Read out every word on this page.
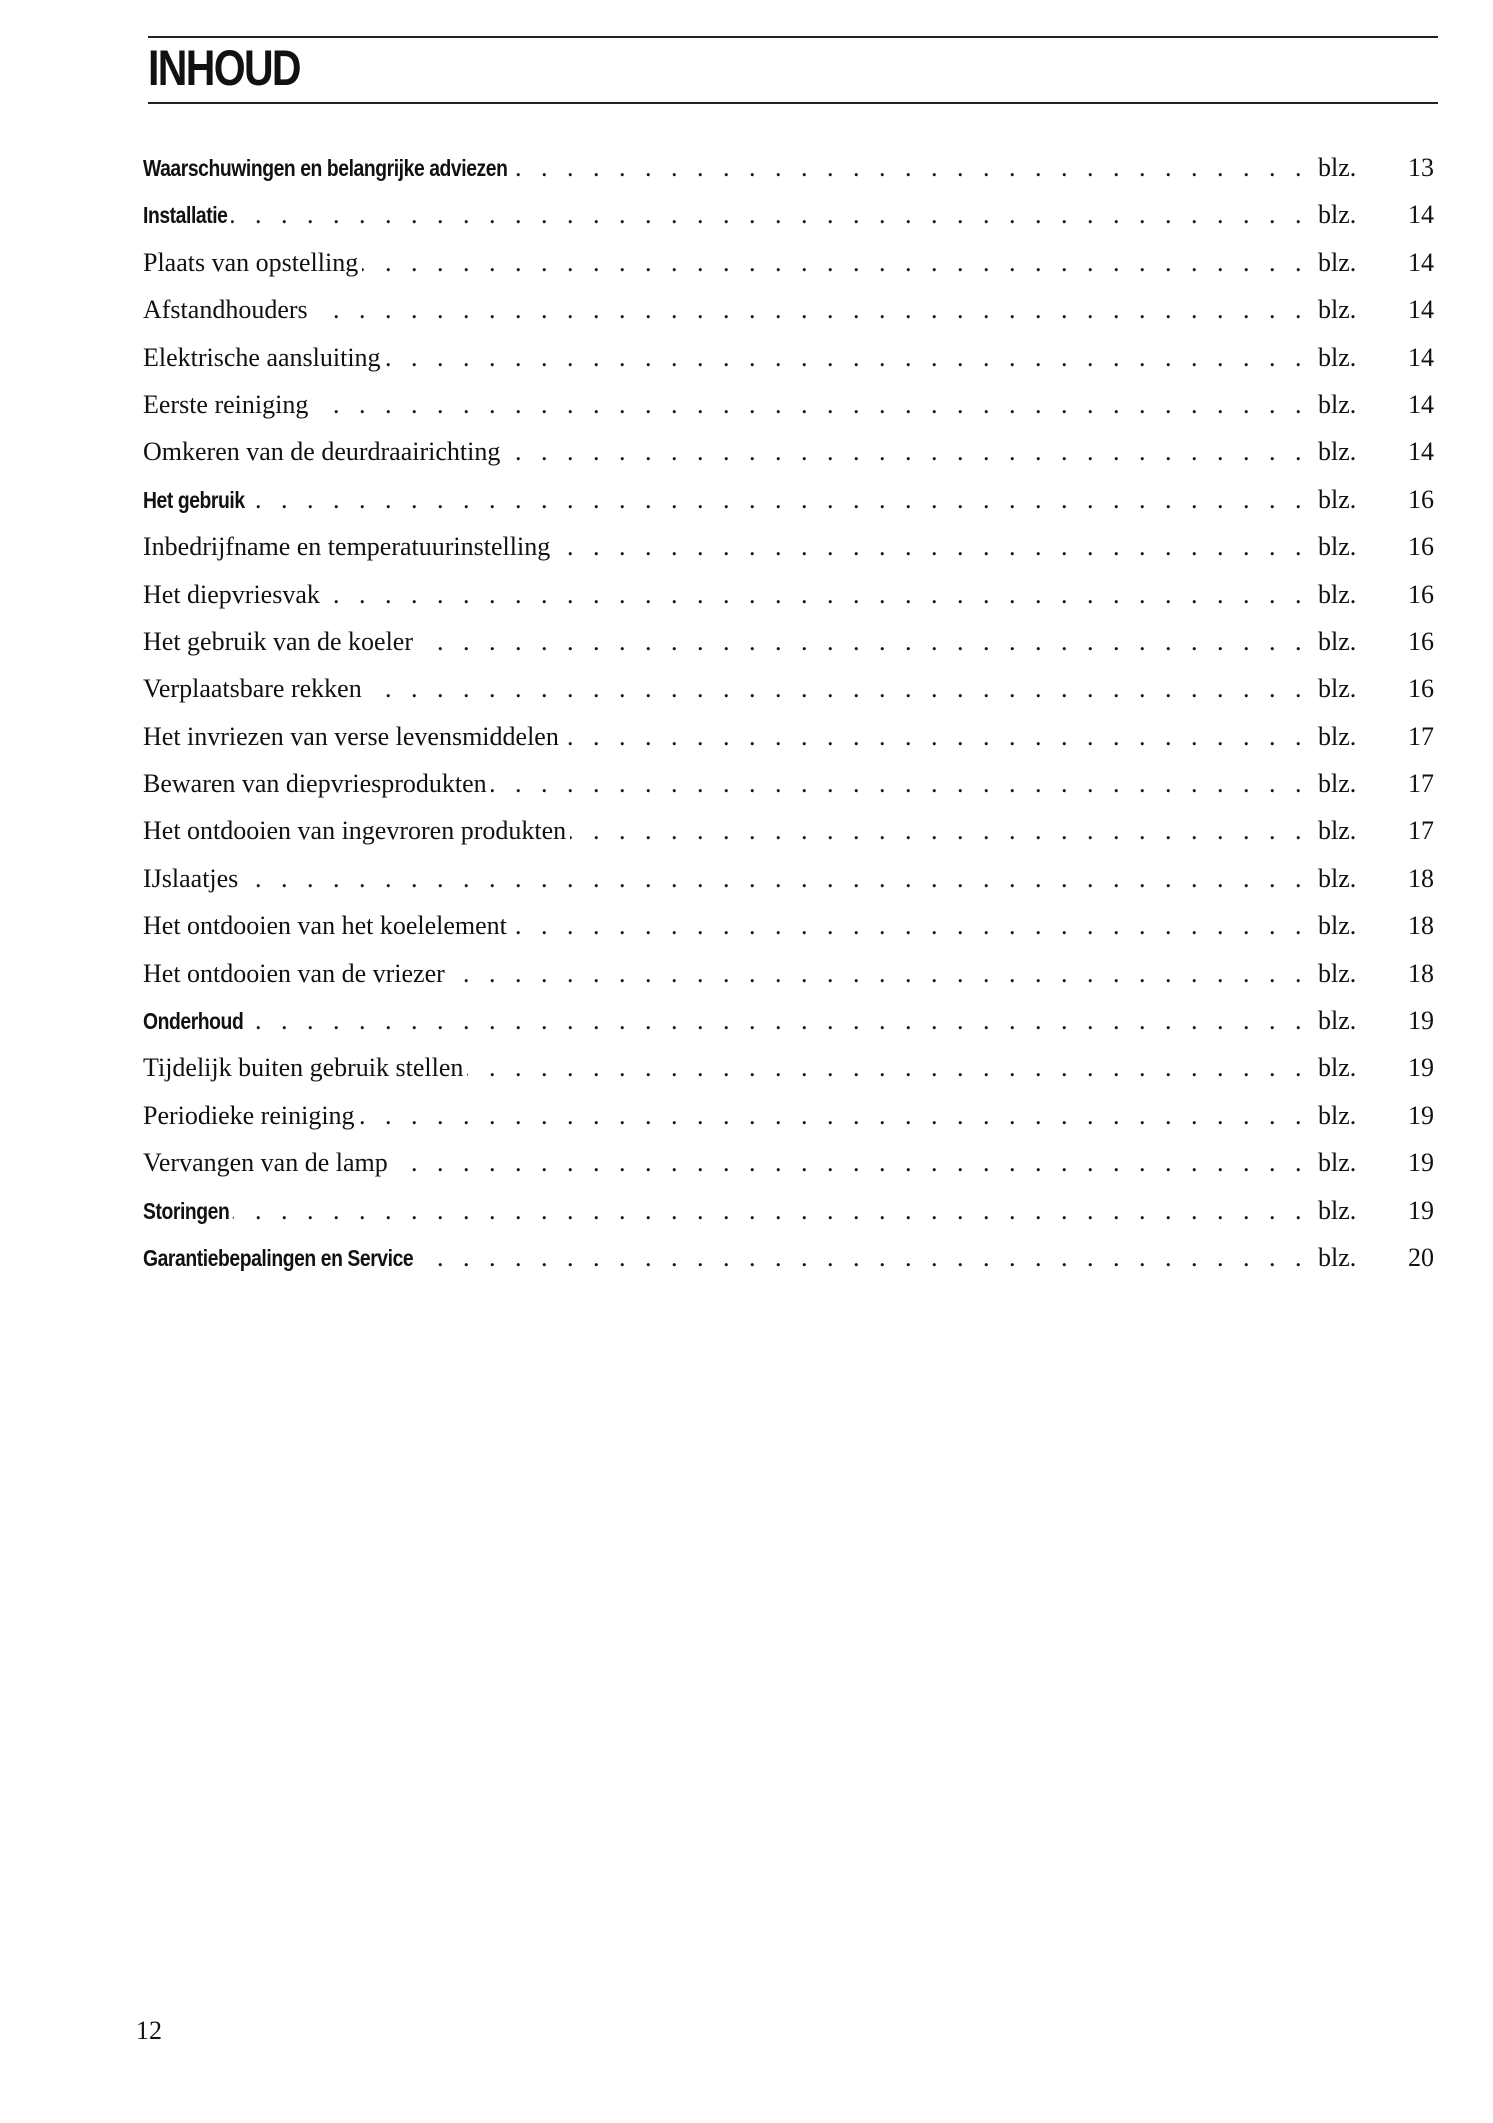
INHOUD
Waarschuwingen en belangrijke adviezen . . .	blz. 13
Installatie . . .	blz. 14
Plaats van opstelling . . .	blz. 14
Afstandhouders . . .	blz. 14
Elektrische aansluiting . . .	blz. 14
Eerste reiniging . . .	blz. 14
Omkeren van de deurdraairichting . . .	blz. 14
Het gebruik . . .	blz. 16
Inbedrijfname en temperatuurinstelling . . .	blz. 16
Het diepvriesvak . . .	blz. 16
Het gebruik van de koeler . . .	blz. 16
Verplaatsbare rekken . . .	blz. 16
Het invriezen van verse levensmiddelen . . .	blz. 17
Bewaren van diepvriesprodukten . . .	blz. 17
Het ontdooien van ingevroren produkten . . .	blz. 17
IJslaatjes . . .	blz. 18
Het ontdooien van het koelelement . . .	blz. 18
Het ontdooien van de vriezer . . .	blz. 18
Onderhoud . . .	blz. 19
Tijdelijk buiten gebruik stellen . . .	blz. 19
Periodieke reiniging . . .	blz. 19
Vervangen van de lamp . . .	blz. 19
Storingen . . .	blz. 19
Garantiebepalingen en Service . . .	blz. 20
12
